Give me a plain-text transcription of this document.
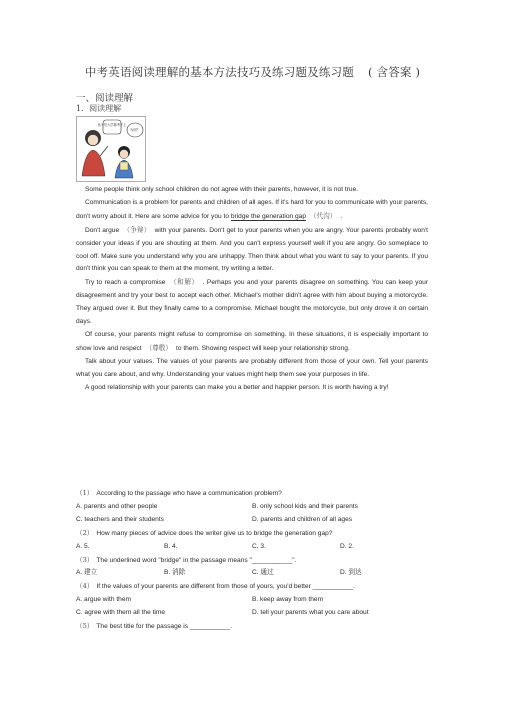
中考英语阅读理解的基本方法技巧及练习题及练习题 ( 含答案 )
一、阅读理解
1．阅读理解
孩子们大学都考不上
为何？

Some people think only school children do not agree with their parents, however, it is not true.

Communication is a problem for parents and children of all ages. If it's hard for you to communicate with your parents, don't worry about it. Here are some advice for you to bridge the generation gap （代沟） .

Don't argue （争辩） with your parents. Don't get to your parents when you are angry. Your parents probably won't consider your ideas if you are shouting at them. And you can't express yourself well if you are angry. Go someplace to cool off. Make sure you understand why you are unhappy. Then think about what you want to say to your parents. If you don't think you can speak to them at the moment, try writing a letter.

Try to reach a compromise （和解） . Perhaps you and your parents disagree on something. You can keep your disagreement and try your best to accept each other. Michael's mother didn't agree with him about buying a motorcycle. They argued over it. But they finally came to a compromise. Michael bought the motorcycle, but only drove it on certain days.

Of course, your parents might refuse to compromise on something. In these situations, it is especially important to show love and respect （尊敬） to them. Showing respect will keep your relationship strong.

Talk about your values. The values of your parents are probably different from those of your own. Tell your parents what you care about, and why. Understanding your values might help them see your purposes in life.

A good relationship with your parents can make you a better and happier person. It is worth having a try!

（1） According to the passage who have a communication problem?

A. parents and other people	B. only school kids and their parents
C. teachers and their students	D. parents and children of all ages

（2） How many pieces of advice does the writer give us to bridge the generation gap?

A. 5.	B. 4.	C. 3.	D. 2.

（3） The underlined word "bridge" in the passage means "___________".

A. 建立	B. 消除	C. 通过	D. 到达

（4） If the values of your parents are different from those of yours, you'd better ___________.

A. argue with them	B. keep away from them
C. agree with them all the time	D. tell your parents what you care about

（5） The best title for the passage is ___________.
